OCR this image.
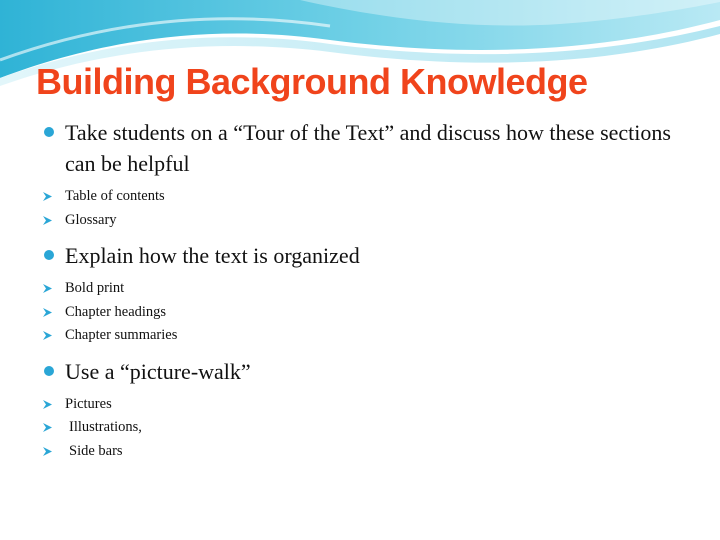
Building Background Knowledge
Take students on a “Tour of the Text” and discuss how these sections can be helpful
Table of contents
Glossary
Explain how the text is organized
Bold print
Chapter headings
Chapter summaries
Use a “picture-walk”
Pictures
Illustrations,
Side bars
